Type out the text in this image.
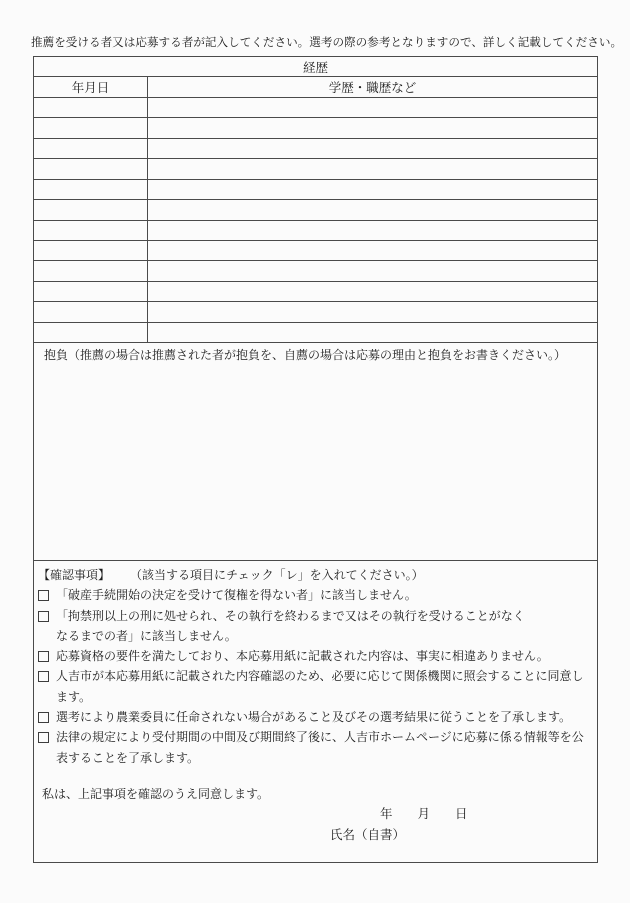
推薦を受ける者又は応募する者が記入してください。選考の際の参考となりますので、詳しく記載してください。
経歴
年月日	学歴・職歴など
抱負（推薦の場合は推薦された者が抱負を、自薦の場合は応募の理由と抱負をお書きください。）
【確認事項】 （該当する項目にチェック「レ」を入れてください。）
「破産手続開始の決定を受けて復権を得ない者」に該当しません。
「拘禁刑以上の刑に処せられ、その執行を終わるまで又はその執行を受けることがなく
なるまでの者」に該当しません。
応募資格の要件を満たしており、本応募用紙に記載された内容は、事実に相違ありません。
人吉市が本応募用紙に記載された内容確認のため、必要に応じて関係機関に照会することに同意し
ます。
選考により農業委員に任命されない場合があること及びその選考結果に従うことを了承します。
法律の規定により受付期間の中間及び期間終了後に、人吉市ホームページに応募に係る情報等を公
表することを了承します。
私は、上記事項を確認のうえ同意します。
年　　月　　日
氏名（自書）
